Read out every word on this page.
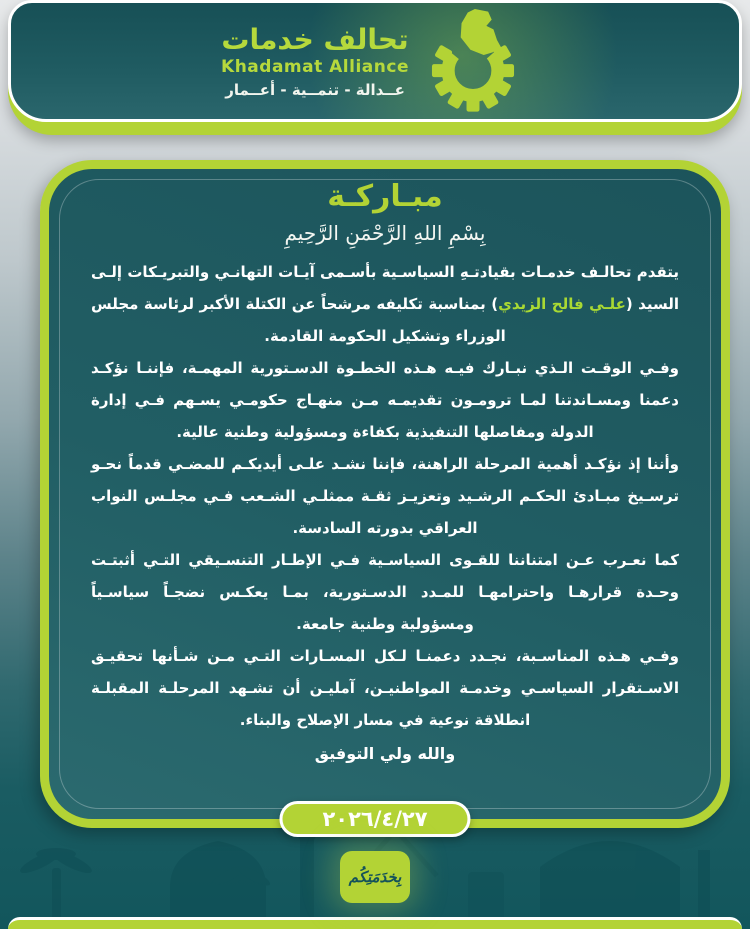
تحالف خدمات
Khadamat Alliance
عــدالة - تنمــية - أعــمار
مبـاركـة
بِسْمِ اللهِ الرَّحْمَنِ الرَّحِيمِ

يتقدم تحالـف خدمـات بقيادتـهِ السياسـية بأسـمى آيـات التهانـي والتبريـكات إلـى السيد (علـي فالح الزيدي) بمناسبة تكليفه مرشحاً عن الكتلة الأكبر لرئاسة مجلس الوزراء وتشكيل الحكومة القادمة.

وفـي الوقـت الـذي نبـارك فيـه هـذه الخطـوة الدسـتورية المهمـة، فإننـا نؤكـد دعمنا ومسـاندتنا لمـا ترومـون تقديمـه مـن منهـاج حكومـي يسـهم فـي إدارة الدولة ومفاصلها التنفيذية بكفاءة ومسؤولية وطنية عالية.

وأننا إذ نؤكـد أهمية المرحلة الراهنة، فإننا نشـد علـى أيديكـم للمضـي قدماً نحـو ترسـيخ مبـادئ الحكـم الرشـيد وتعزيـز ثقـة ممثلـي الشـعب فـي مجلـس النواب العراقي بدورته السادسة.

كما نعـرب عـن امتناننا للقـوى السياسـية فـي الإطـار التنسـيقي التـي أثبتـت وحـدة قرارهـا واحترامهـا للمـدد الدسـتورية، بمـا يعكـس نضجـاً سياسـياً ومسؤولية وطنية جامعة.

وفـي هـذه المناسـبة، نجـدد دعمنـا لـكل المسـارات التـي مـن شـأنها تحقيـق الاسـتقرار السياسـي وخدمـة المواطنيـن، آمليـن أن تشـهد المرحلـة المقبلـة انطلاقة نوعية في مسار الإصلاح والبناء.

والله ولي التوفيق
٢٠٢٦/٤/٢٧
بِخدَمَتِكُم
